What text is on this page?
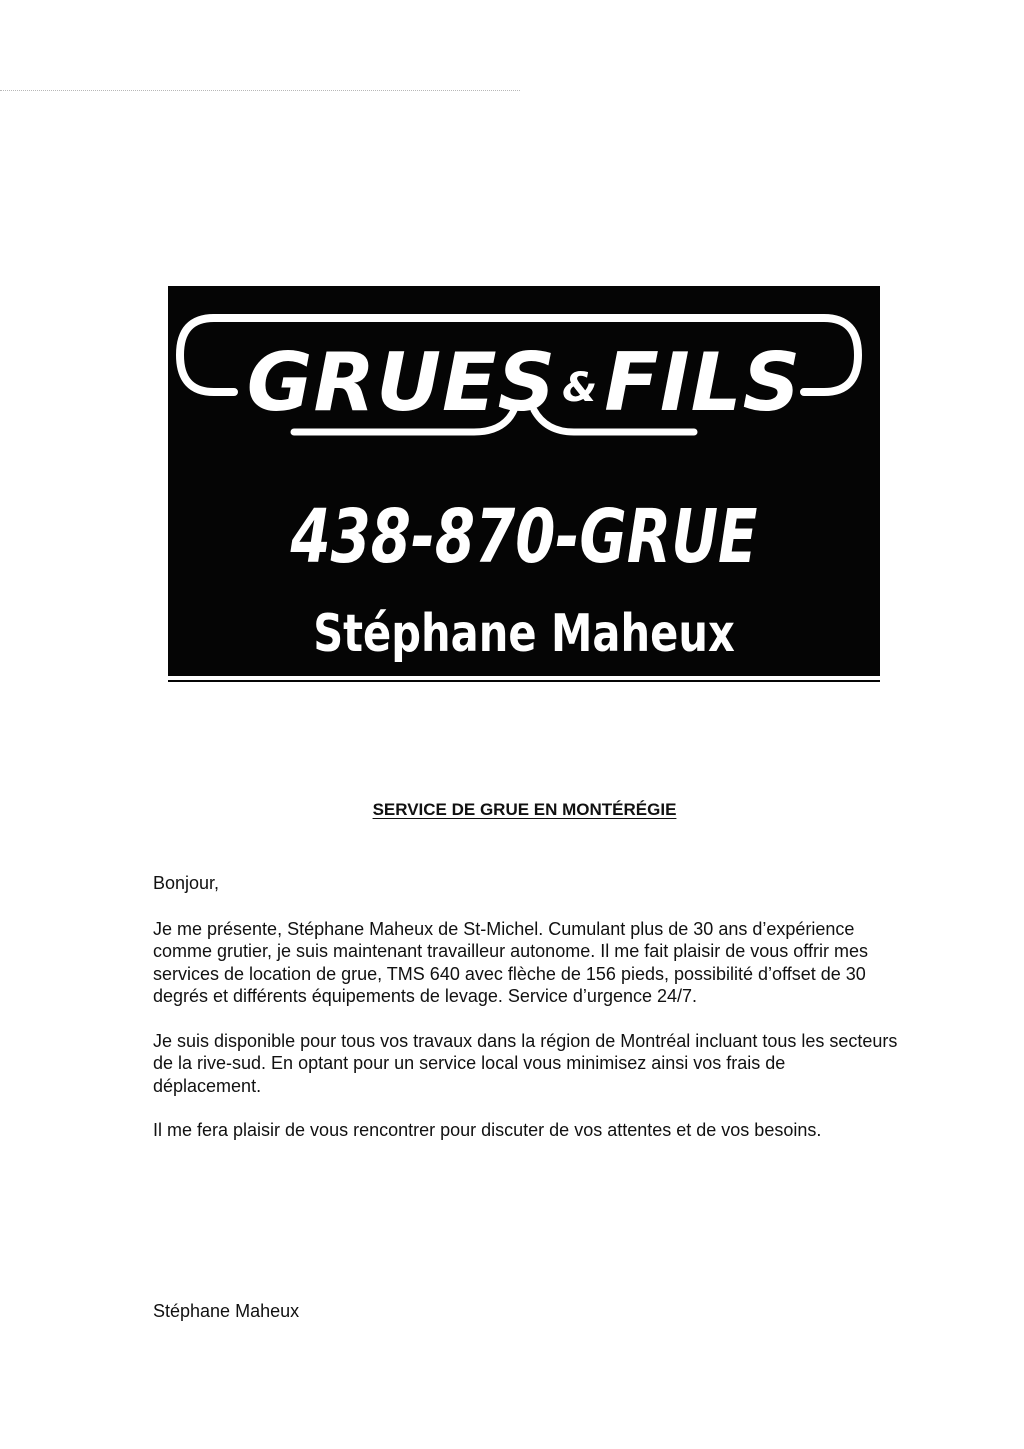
GRUES &FILS
438-870-GRUE
Stéphane Maheux
SERVICE DE GRUE EN MONTÉRÉGIE

Bonjour,

Je me présente, Stéphane Maheux de St-Michel. Cumulant plus de 30 ans d’expérience comme grutier, je suis maintenant travailleur autonome. Il me fait plaisir de vous offrir mes services de location de grue, TMS 640 avec flèche de 156 pieds, possibilité d’offset de 30 degrés et différents équipements de levage. Service d’urgence 24/7.

Je suis disponible pour tous vos travaux dans la région de Montréal incluant tous les secteurs de la rive-sud. En optant pour un service local vous minimisez ainsi vos frais de déplacement.

Il me fera plaisir de vous rencontrer pour discuter de vos attentes et de vos besoins.

Stéphane Maheux
